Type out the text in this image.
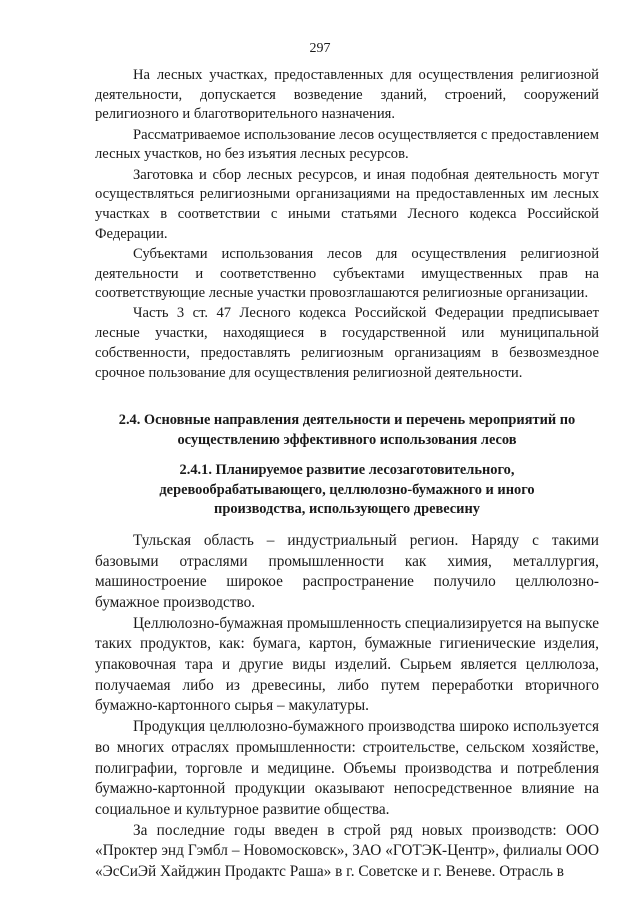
297

На лесных участках, предоставленных для осуществления религиозной деятельности, допускается возведение зданий, строений, сооружений религиозного и благотворительного назначения.

Рассматриваемое использование лесов осуществляется с предоставлением лесных участков, но без изъятия лесных ресурсов.

Заготовка и сбор лесных ресурсов, и иная подобная деятельность могут осуществляться религиозными организациями на предоставленных им лесных участках в соответствии с иными статьями Лесного кодекса Российской Федерации.

Субъектами использования лесов для осуществления религиозной деятельности и соответственно субъектами имущественных прав на соответствующие лесные участки провозглашаются религиозные организации.

Часть 3 ст. 47 Лесного кодекса Российской Федерации предписывает лесные участки, находящиеся в государственной или муниципальной собственности, предоставлять религиозным организациям в безвозмездное срочное пользование для осуществления религиозной деятельности.

2.4. Основные направления деятельности и перечень мероприятий по осуществлению эффективного использования лесов
2.4.1. Планируемое развитие лесозаготовительного, деревообрабатывающего, целлюлозно-бумажного и иного производства, использующего древесину

Тульская область – индустриальный регион. Наряду с такими базовыми отраслями промышленности как химия, металлургия, машиностроение широкое распространение получило целлюлозно-бумажное производство.

Целлюлозно-бумажная промышленность специализируется на выпуске таких продуктов, как: бумага, картон, бумажные гигиенические изделия, упаковочная тара и другие виды изделий. Сырьем является целлюлоза, получаемая либо из древесины, либо путем переработки вторичного бумажно-картонного сырья – макулатуры.

Продукция целлюлозно-бумажного производства широко используется во многих отраслях промышленности: строительстве, сельском хозяйстве, полиграфии, торговле и медицине. Объемы производства и потребления бумажно-картонной продукции оказывают непосредственное влияние на социальное и культурное развитие общества.

За последние годы введен в строй ряд новых производств: ООО «Проктер энд Гэмбл – Новомосковск», ЗАО «ГОТЭК-Центр», филиалы ООО «ЭсСиЭй Хайджин Продактс Раша» в г. Советске и г. Веневе. Отрасль в
